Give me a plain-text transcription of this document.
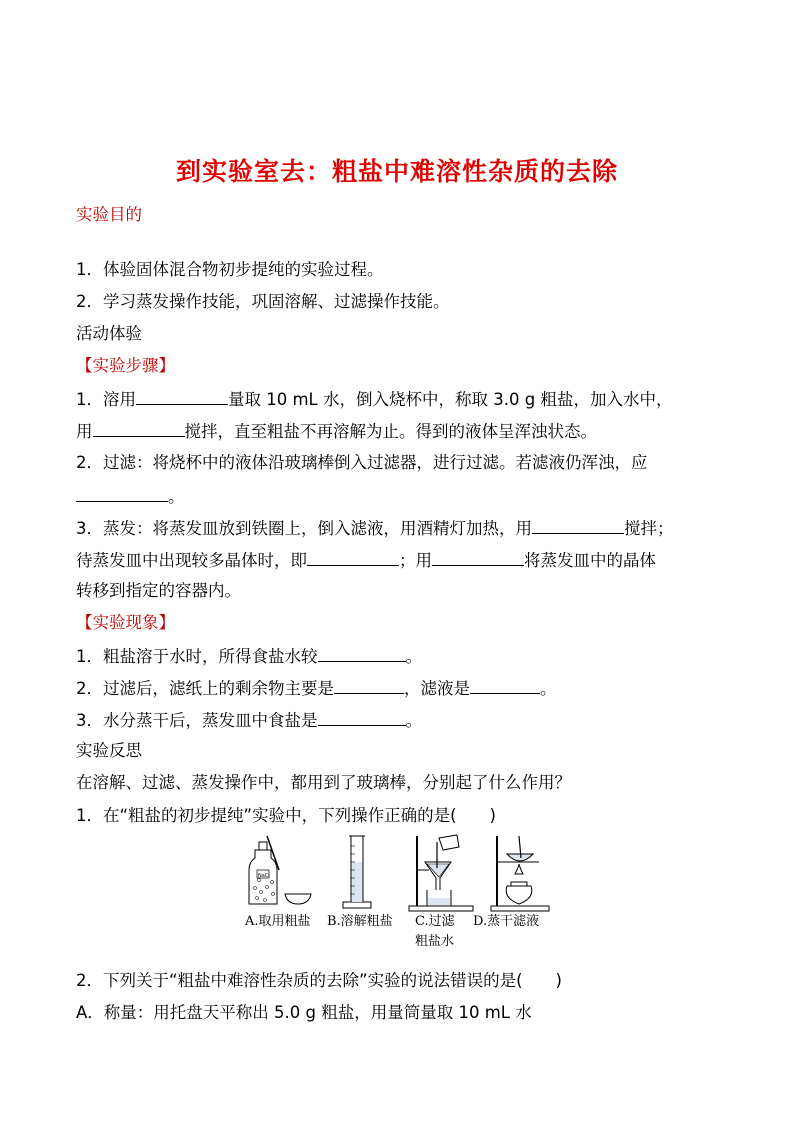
到实验室去：粗盐中难溶性杂质的去除
实验目的
1．体验固体混合物初步提纯的实验过程。
2．学习蒸发操作技能，巩固溶解、过滤操作技能。
活动体验
【实验步骤】
1．溶用	量取 10 mL 水，倒入烧杯中，称取 3.0 g 粗盐，加入水中，
用	搅拌，直至粗盐不再溶解为止。得到的液体呈浑浊状态。
2．过滤：将烧杯中的液体沿玻璃棒倒入过滤器，进行过滤。若滤液仍浑浊，应
。
3．蒸发：将蒸发皿放到铁圈上，倒入滤液，用酒精灯加热，用	搅拌；
待蒸发皿中出现较多晶体时，即	；用	将蒸发皿中的晶体
转移到指定的容器内。
【实验现象】
1．粗盐溶于水时，所得食盐水较	。
2．过滤后，滤纸上的剩余物主要是	，滤液是	。
3．水分蒸干后，蒸发皿中食盐是	。
实验反思
在溶解、过滤、蒸发操作中，都用到了玻璃棒，分别起了什么作用？
1．在“粗盐的初步提纯”实验中，下列操作正确的是(　　)
NaCl
A.取用粗盐 B.溶解粗盐 C.过滤
粗盐水
D.蒸干滤液
2．下列关于“粗盐中难溶性杂质的去除”实验的说法错误的是(　　)
A．称量：用托盘天平称出 5.0 g 粗盐，用量筒量取 10 mL 水
